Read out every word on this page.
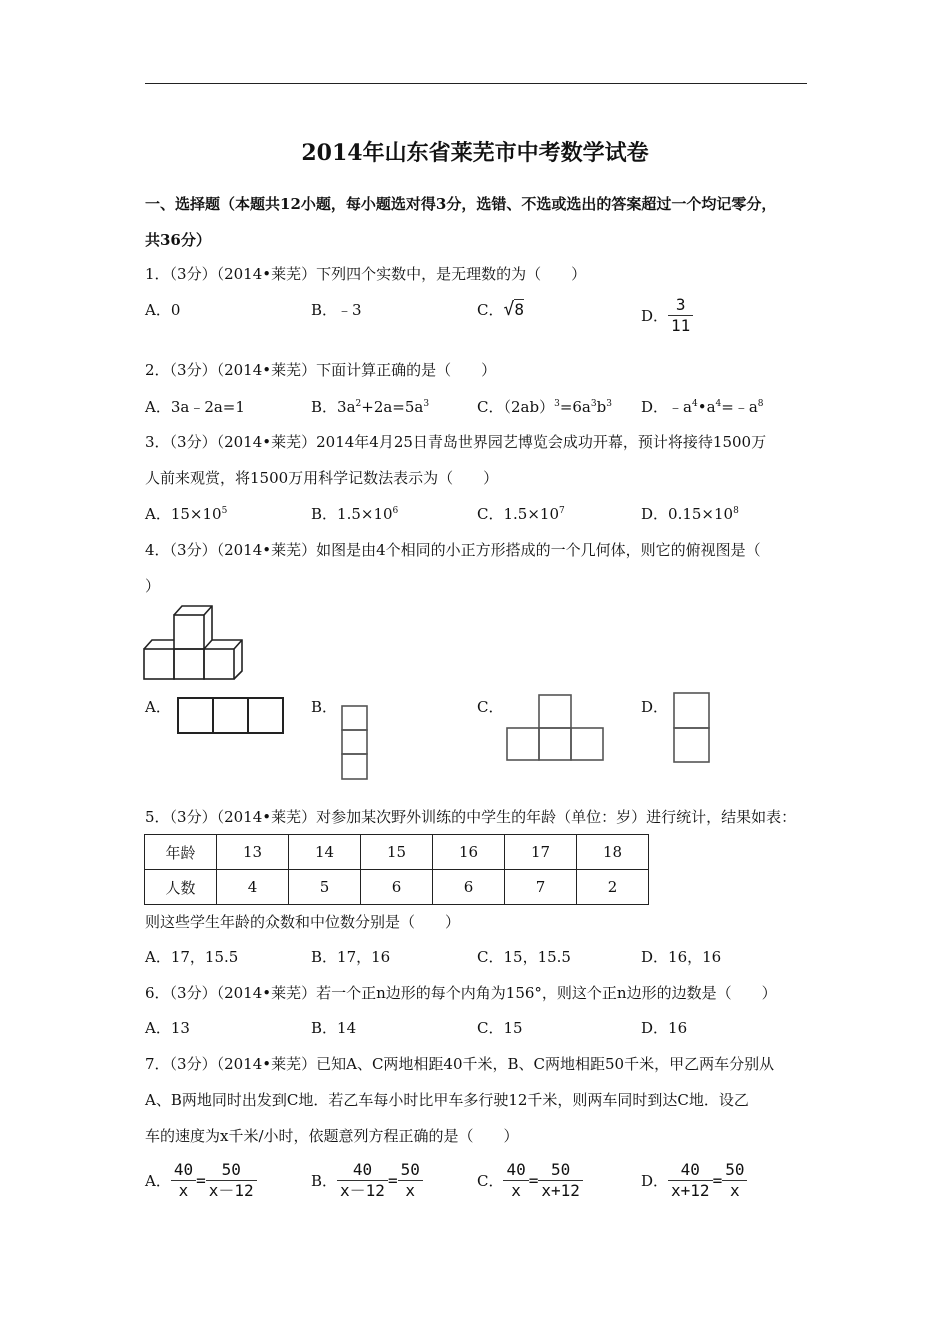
2014年山东省莱芜市中考数学试卷
一、选择题（本题共12小题，每小题选对得3分，选错、不选或选出的答案超过一个均记零分，
共36分）
1．（3分）（2014•莱芜）下列四个实数中，是无理数的为（　　）
A．0	B．﹣3	C．√8	D． $\frac{3}{11}$
2．（3分）（2014•莱芜）下面计算正确的是（　　）
A．3a﹣2a=1	B．$3a^2+2a=5a^3$	C．$(2ab)^3=6a^3b^3$ D．$﹣a^4•a^4=﹣a^8$
3．（3分）（2014•莱芜）2014年4月25日青岛世界园艺博览会成功开幕，预计将接待1500万
人前来观赏，将1500万用科学记数法表示为（　　）
A．$15\times 10^5$	B．$1.5\times 10^6$	C．$1.5\times 10^7$	D．$0.15\times 10^8$
4．（3分）（2014•莱芜）如图是由4个相同的小正方形搭成的一个几何体，则它的俯视图是（
）
A．	B．	C．	D．
5．（3分）（2014•莱芜）对参加某次野外训练的中学生的年龄（单位：岁）进行统计，结果如表：
年龄	13	14	15	16	17	18
人数	4	5	6	6	7	2
则这些学生年龄的众数和中位数分别是（　　）
A．17，15.5	B．17，16	C．15，15.5	D．16，16
6．（3分）（2014•莱芜）若一个正n边形的每个内角为156°，则这个正n边形的边数是（　　）
A．13	B．14	C．15	D．16
7．（3分）（2014•莱芜）已知A、C两地相距40千米，B、C两地相距50千米，甲乙两车分别从
A、B两地同时出发到C地．若乙车每小时比甲车多行驶12千米，则两车同时到达C地．设乙
车的速度为x千米/小时，依题意列方程正确的是（　　）
A． $\frac{40}{x} = \frac{50}{x-12}$	B． $\frac{40}{x-12} = \frac{50}{x}$	C． $\frac{40}{x} = \frac{50}{x+12}$	D． $\frac{40}{x+12} = \frac{50}{x}$
